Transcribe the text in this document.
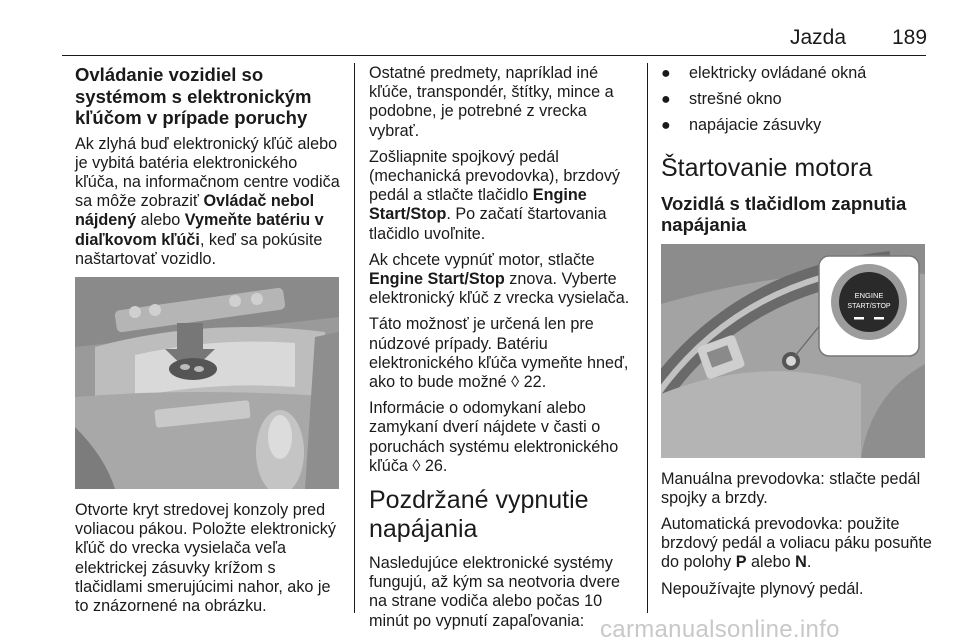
Jazda 189
Ovládanie vozidiel so systémom s elektronickým kľúčom v prípade poruchy

Ak zlyhá buď elektronický kľúč alebo je vybitá batéria elektronického kľúča, na informačnom centre vodiča sa môže zobraziť Ovládač nebol nájdený alebo Vymeňte batériu v diaľkovom kľúči, keď sa pokúsite naštartovať vozidlo.

Otvorte kryt stredovej konzoly pred voliacou pákou. Položte elektronický kľúč do vrecka vysielača veľa elektrickej zásuvky krížom s tlačidlami smerujúcimi nahor, ako je to znázornené na obrázku.

Ostatné predmety, napríklad iné kľúče, transpondér, štítky, mince a podobne, je potrebné z vrecka vybrať.

Zošliapnite spojkový pedál (mechanická prevodovka), brzdový pedál a stlačte tlačidlo Engine Start/Stop. Po začatí štartovania tlačidlo uvoľnite.

Ak chcete vypnúť motor, stlačte Engine Start/Stop znova. Vyberte elektronický kľúč z vrecka vysielača.

Táto možnosť je určená len pre núdzové prípady. Batériu elektronického kľúča vymeňte hneď, ako to bude možné ◊ 22.

Informácie o odomykaní alebo zamykaní dverí nájdete v časti o poruchách systému elektronického kľúča ◊ 26.

Pozdržané vypnutie napájania

Nasledujúce elektronické systémy fungujú, až kým sa neotvoria dvere na strane vodiča alebo počas 10 minút po vypnutí zapaľovania:

●	elektricky ovládané okná
●	strešné okno
●	napájacie zásuvky
Štartovanie motora
Vozidlá s tlačidlom zapnutia napájania
ENGINE
START/STOP

Manuálna prevodovka: stlačte pedál spojky a brzdy.

Automatická prevodovka: použite brzdový pedál a voliacu páku posuňte do polohy P alebo N.

Nepoužívajte plynový pedál.

carmanualsonline.info
